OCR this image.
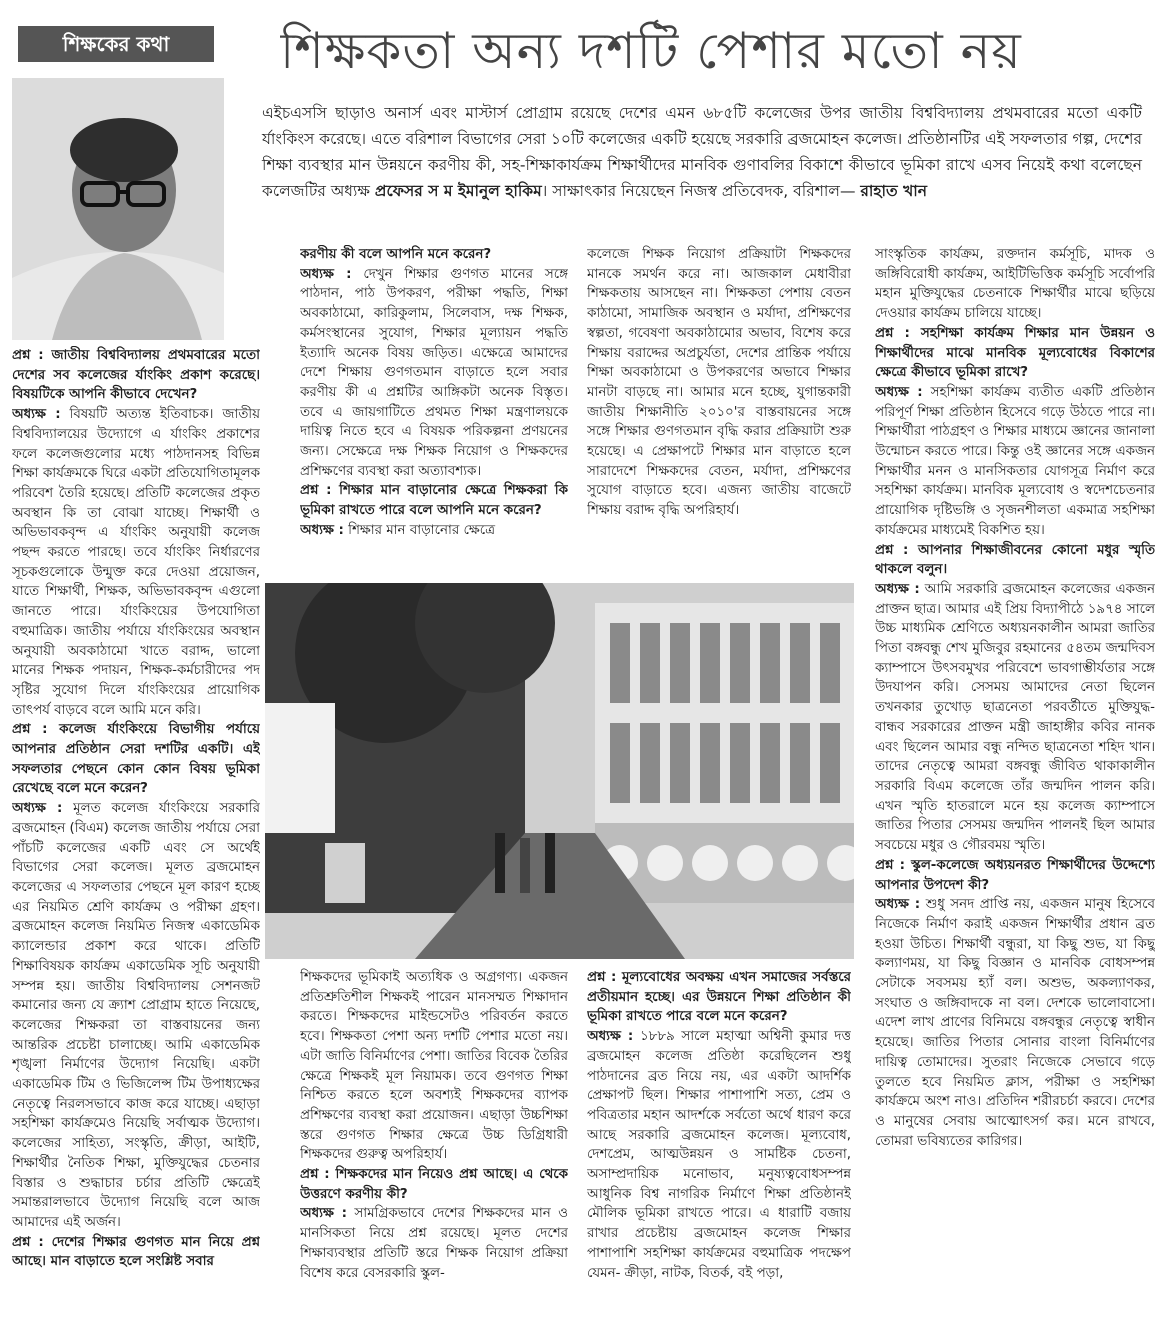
শিক্ষকের কথা	শিক্ষকতা অন্য দশটি পেশার মতো নয়
এইচএসসি ছাড়াও অনার্স এবং মাস্টার্স প্রোগ্রাম রয়েছে দেশের এমন ৬৮৫টি কলেজের উপর জাতীয় বিশ্ববিদ্যালয় প্রথমবারের মতো একটি র্যাংকিংস করেছে। এতে বরিশাল বিভাগের সেরা ১০টি কলেজের একটি হয়েছে সরকারি ব্রজমোহন কলেজ। প্রতিষ্ঠানটির এই সফলতার গল্প, দেশের শিক্ষা ব্যবস্থার মান উন্নয়নে করণীয় কী, সহ-শিক্ষাকার্যক্রম শিক্ষার্থীদের মানবিক গুণাবলির বিকাশে কীভাবে ভূমিকা রাখে এসব নিয়েই কথা বলেছেন কলেজটির অধ্যক্ষ প্রফেসর স ম ইমানুল হাকিম। সাক্ষাৎকার নিয়েছেন নিজস্ব প্রতিবেদক, বরিশাল— রাহাত খান

প্রশ্ন : জাতীয় বিশ্ববিদ্যালয় প্রথমবারের মতো দেশের সব কলেজের র্যাংকিং প্রকাশ করেছে। বিষয়টিকে আপনি কীভাবে দেখেন?

অধ্যক্ষ : বিষয়টি অত্যন্ত ইতিবাচক। জাতীয় বিশ্ববিদ্যালয়ের উদ্যোগে এ র্যাংকিং প্রকাশের ফলে কলেজগুলোর মধ্যে পাঠদানসহ বিভিন্ন শিক্ষা কার্যক্রমকে ঘিরে একটা প্রতিযোগিতামূলক পরিবেশ তৈরি হয়েছে। প্রতিটি কলেজের প্রকৃত অবস্থান কি তা বোঝা যাচ্ছে। শিক্ষার্থী ও অভিভাবকবৃন্দ এ র্যাংকিং অনুযায়ী কলেজ পছন্দ করতে পারছে। তবে র্যাংকিং নির্ধারণের সূচকগুলোকে উন্মুক্ত করে দেওয়া প্রয়োজন, যাতে শিক্ষার্থী, শিক্ষক, অভিভাবকবৃন্দ এগুলো জানতে পারে। র্যাংকিংয়ের উপযোগিতা বহুমাত্রিক। জাতীয় পর্যায়ে র্যাংকিংয়ের অবস্থান অনুযায়ী অবকাঠামো খাতে বরাদ্দ, ভালো মানের শিক্ষক পদায়ন, শিক্ষক-কর্মচারীদের পদ সৃষ্টির সুযোগ দিলে র্যাংকিংয়ের প্রায়োগিক তাৎপর্য বাড়বে বলে আমি মনে করি।

প্রশ্ন : কলেজ র্যাংকিংয়ে বিভাগীয় পর্যায়ে আপনার প্রতিষ্ঠান সেরা দশটির একটি। এই সফলতার পেছনে কোন কোন বিষয় ভূমিকা রেখেছে বলে মনে করেন?

অধ্যক্ষ : মূলত কলেজ র্যাংকিংয়ে সরকারি ব্রজমোহন (বিএম) কলেজ জাতীয় পর্যায়ে সেরা পাঁচটি কলেজের একটি এবং সে অর্থেই বিভাগের সেরা কলেজ। মূলত ব্রজমোহন কলেজের এ সফলতার পেছনে মূল কারণ হচ্ছে এর নিয়মিত শ্রেণি কার্যক্রম ও পরীক্ষা গ্রহণ। ব্রজমোহন কলেজ নিয়মিত নিজস্ব একাডেমিক ক্যালেন্ডার প্রকাশ করে থাকে। প্রতিটি শিক্ষাবিষয়ক কার্যক্রম একাডেমিক সূচি অনুযায়ী সম্পন্ন হয়। জাতীয় বিশ্ববিদ্যালয় সেশনজট কমানোর জন্য যে ক্র্যাশ প্রোগ্রাম হাতে নিয়েছে, কলেজের শিক্ষকরা তা বাস্তবায়নের জন্য আন্তরিক প্রচেষ্টা চালাচ্ছে। আমি একাডেমিক শৃঙ্খলা নির্মাণের উদ্যোগ নিয়েছি। একটা একাডেমিক টিম ও ভিজিলেন্স টিম উপাধ্যক্ষের নেতৃত্বে নিরলসভাবে কাজ করে যাচ্ছে। এছাড়া সহশিক্ষা কার্যক্রমেও নিয়েছি সর্বাত্মক উদ্যোগ। কলেজের সাহিত্য, সংস্কৃতি, ক্রীড়া, আইটি, শিক্ষার্থীর নৈতিক শিক্ষা, মুক্তিযুদ্ধের চেতনার বিস্তার ও শুদ্ধাচার চর্চার প্রতিটি ক্ষেত্রেই সমান্তরালভাবে উদ্যোগ নিয়েছি বলে আজ আমাদের এই অর্জন।

প্রশ্ন : দেশের শিক্ষার গুণগত মান নিয়ে প্রশ্ন আছে। মান বাড়াতে হলে সংশ্লিষ্ট সবার

করণীয় কী বলে আপনি মনে করেন?

অধ্যক্ষ : দেখুন শিক্ষার গুণগত মানের সঙ্গে পাঠদান, পাঠ উপকরণ, পরীক্ষা পদ্ধতি, শিক্ষা অবকাঠামো, কারিকুলাম, সিলেবাস, দক্ষ শিক্ষক, কর্মসংস্থানের সুযোগ, শিক্ষার মূল্যায়ন পদ্ধতি ইত্যাদি অনেক বিষয় জড়িত। এক্ষেত্রে আমাদের দেশে শিক্ষায় গুণগতমান বাড়াতে হলে সবার করণীয় কী এ প্রশ্নটির আঙ্গিকটা অনেক বিস্তৃত। তবে এ জায়গাটিতে প্রথমত শিক্ষা মন্ত্রণালয়কে দায়িত্ব নিতে হবে এ বিষয়ক পরিকল্পনা প্রণয়নের জন্য। সেক্ষেত্রে দক্ষ শিক্ষক নিয়োগ ও শিক্ষকদের প্রশিক্ষণের ব্যবস্থা করা অত্যাবশ্যক।

প্রশ্ন : শিক্ষার মান বাড়ানোর ক্ষেত্রে শিক্ষকরা কি ভূমিকা রাখতে পারে বলে আপনি মনে করেন?

অধ্যক্ষ : শিক্ষার মান বাড়ানোর ক্ষেত্রে

কলেজে শিক্ষক নিয়োগ প্রক্রিয়াটা শিক্ষকদের মানকে সমর্থন করে না। আজকাল মেধাবীরা শিক্ষকতায় আসছেন না। শিক্ষকতা পেশায় বেতন কাঠামো, সামাজিক অবস্থান ও মর্যাদা, প্রশিক্ষণের স্বল্পতা, গবেষণা অবকাঠামোর অভাব, বিশেষ করে শিক্ষায় বরাদ্দের অপ্রচুর্যতা, দেশের প্রান্তিক পর্যায়ে শিক্ষা অবকাঠামো ও উপকরণের অভাবে শিক্ষার মানটা বাড়ছে না। আমার মনে হচ্ছে, যুগান্তকারী জাতীয় শিক্ষানীতি ২০১০'র বাস্তবায়নের সঙ্গে সঙ্গে শিক্ষার গুণগতমান বৃদ্ধি করার প্রক্রিয়াটা শুরু হয়েছে। এ প্রেক্ষাপটে শিক্ষার মান বাড়াতে হলে সারাদেশে শিক্ষকদের বেতন, মর্যাদা, প্রশিক্ষণের সুযোগ বাড়াতে হবে। এজন্য জাতীয় বাজেটে শিক্ষায় বরাদ্দ বৃদ্ধি অপরিহার্য।

সাংস্কৃতিক কার্যক্রম, রক্তদান কর্মসূচি, মাদক ও জঙ্গিবিরোধী কার্যক্রম, আইটিভিত্তিক কর্মসূচি সর্বোপরি মহান মুক্তিযুদ্ধের চেতনাকে শিক্ষার্থীর মাঝে ছড়িয়ে দেওয়ার কার্যক্রম চালিয়ে যাচ্ছে।

প্রশ্ন : সহশিক্ষা কার্যক্রম শিক্ষার মান উন্নয়ন ও শিক্ষার্থীদের মাঝে মানবিক মূল্যবোধের বিকাশের ক্ষেত্রে কীভাবে ভূমিকা রাখে?

অধ্যক্ষ : সহশিক্ষা কার্যক্রম ব্যতীত একটি প্রতিষ্ঠান পরিপূর্ণ শিক্ষা প্রতিষ্ঠান হিসেবে গড়ে উঠতে পারে না। শিক্ষার্থীরা পাঠগ্রহণ ও শিক্ষার মাধ্যমে জ্ঞানের জানালা উন্মোচন করতে পারে। কিন্তু ওই জ্ঞানের সঙ্গে একজন শিক্ষার্থীর মনন ও মানসিকতার যোগসূত্র নির্মাণ করে সহশিক্ষা কার্যক্রম। মানবিক মূল্যবোধ ও স্বদেশচেতনার প্রায়োগিক দৃষ্টিভঙ্গি ও সৃজনশীলতা একমাত্র সহশিক্ষা কার্যক্রমের মাধ্যমেই বিকশিত হয়।

প্রশ্ন : আপনার শিক্ষাজীবনের কোনো মধুর স্মৃতি থাকলে বলুন।

অধ্যক্ষ : আমি সরকারি ব্রজমোহন কলেজের একজন প্রাক্তন ছাত্র। আমার এই প্রিয় বিদ্যাপীঠে ১৯৭৪ সালে উচ্চ মাধ্যমিক শ্রেণিতে অধ্যয়নকালীন আমরা জাতির পিতা বঙ্গবন্ধু শেখ মুজিবুর রহমানের ৫৪তম জন্মদিবস ক্যাম্পাসে উৎসবমুখর পরিবেশে ভাবগাম্ভীর্যতার সঙ্গে উদযাপন করি। সেসময় আমাদের নেতা ছিলেন তখনকার তুখোড় ছাত্রনেতা পরবর্তীতে মুক্তিযুদ্ধ-বান্ধব সরকারের প্রাক্তন মন্ত্রী জাহাঙ্গীর কবির নানক এবং ছিলেন আমার বন্ধু নন্দিত ছাত্রনেতা শহিদ খান। তাদের নেতৃত্বে আমরা বঙ্গবন্ধু জীবিত থাকাকালীন সরকারি বিএম কলেজে তাঁর জন্মদিন পালন করি। এখন স্মৃতি হাতরালে মনে হয় কলেজ ক্যাম্পাসে জাতির পিতার সেসময় জন্মদিন পালনই ছিল আমার সবচেয়ে মধুর ও গৌরবময় স্মৃতি।

প্রশ্ন : স্কুল-কলেজে অধ্যয়নরত শিক্ষার্থীদের উদ্দেশ্যে আপনার উপদেশ কী?

অধ্যক্ষ : শুধু সনদ প্রাপ্তি নয়, একজন মানুষ হিসেবে নিজেকে নির্মাণ করাই একজন শিক্ষার্থীর প্রধান ব্রত হওয়া উচিত। শিক্ষার্থী বন্ধুরা, যা কিছু শুভ, যা কিছু কল্যাণময়, যা কিছু বিজ্ঞান ও মানবিক বোধসম্পন্ন সেটাকে সবসময় হ্যাঁ বল। অশুভ, অকল্যাণকর, সংঘাত ও জঙ্গিবাদকে না বল। দেশকে ভালোবাসো। এদেশ লাখ প্রাণের বিনিময়ে বঙ্গবন্ধুর নেতৃত্বে স্বাধীন হয়েছে। জাতির পিতার সোনার বাংলা বিনির্মাণের দায়িত্ব তোমাদের। সুতরাং নিজেকে সেভাবে গড়ে তুলতে হবে নিয়মিত ক্লাস, পরীক্ষা ও সহশিক্ষা কার্যক্রমে অংশ নাও। প্রতিদিন শরীরচর্চা করবে। দেশের ও মানুষের সেবায় আত্মোৎসর্গ কর। মনে রাখবে, তোমরা ভবিষ্যতের কারিগর।

শিক্ষকদের ভূমিকাই অত্যধিক ও অগ্রগণ্য। একজন প্রতিশ্রুতিশীল শিক্ষকই পারেন মানসম্মত শিক্ষাদান করতে। শিক্ষকদের মাইন্ডসেটও পরিবর্তন করতে হবে। শিক্ষকতা পেশা অন্য দশটি পেশার মতো নয়। এটা জাতি বিনির্মাণের পেশা। জাতির বিবেক তৈরির ক্ষেত্রে শিক্ষকই মূল নিয়ামক। তবে গুণগত শিক্ষা নিশ্চিত করতে হলে অবশ্যই শিক্ষকদের ব্যাপক প্রশিক্ষণের ব্যবস্থা করা প্রয়োজন। এছাড়া উচ্চশিক্ষা স্তরে গুণগত শিক্ষার ক্ষেত্রে উচ্চ ডিগ্রিধারী শিক্ষকদের গুরুত্ব অপরিহার্য।

প্রশ্ন : শিক্ষকদের মান নিয়েও প্রশ্ন আছে। এ থেকে উত্তরণে করণীয় কী?

অধ্যক্ষ : সামগ্রিকভাবে দেশের শিক্ষকদের মান ও মানসিকতা নিয়ে প্রশ্ন রয়েছে। মূলত দেশের শিক্ষাব্যবস্থার প্রতিটি স্তরে শিক্ষক নিয়োগ প্রক্রিয়া বিশেষ করে বেসরকারি স্কুল-

প্রশ্ন : মূল্যবোধের অবক্ষয় এখন সমাজের সর্বস্তরে প্রতীয়মান হচ্ছে। এর উন্নয়নে শিক্ষা প্রতিষ্ঠান কী ভূমিকা রাখতে পারে বলে মনে করেন?

অধ্যক্ষ : ১৮৮৯ সালে মহাত্মা অশ্বিনী কুমার দত্ত ব্রজমোহন কলেজ প্রতিষ্ঠা করেছিলেন শুধু পাঠদানের ব্রত নিয়ে নয়, এর একটা আদর্শিক প্রেক্ষাপট ছিল। শিক্ষার পাশাপাশি সত্য, প্রেম ও পবিত্রতার মহান আদর্শকে সর্বতো অর্থে ধারণ করে আছে সরকারি ব্রজমোহন কলেজ। মূল্যবোধ, দেশপ্রেম, আত্মউন্নয়ন ও সামষ্টিক চেতনা, অসাম্প্রদায়িক মনোভাব, মনুষ্যত্ববোধসম্পন্ন আধুনিক বিশ্ব নাগরিক নির্মাণে শিক্ষা প্রতিষ্ঠানই মৌলিক ভূমিকা রাখতে পারে। এ ধারাটি বজায় রাখার প্রচেষ্টায় ব্রজমোহন কলেজ শিক্ষার পাশাপাশি সহশিক্ষা কার্যক্রমের বহুমাত্রিক পদক্ষেপ যেমন- ক্রীড়া, নাটক, বিতর্ক, বই পড়া,
